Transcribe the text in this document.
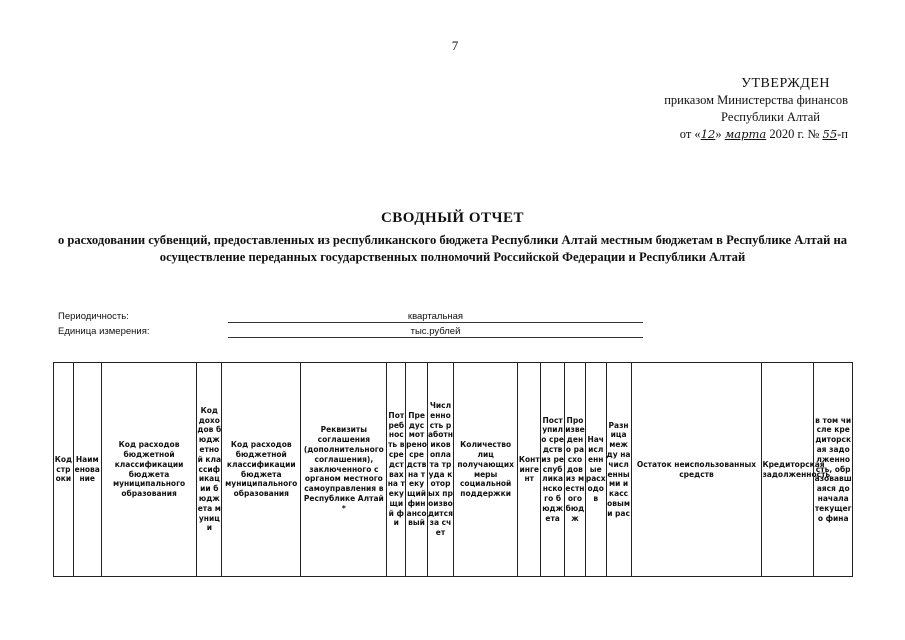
7
УТВЕРЖДЕН
приказом Министерства финансов
Республики Алтай
от «12» марта 2020 г. № 55-п
СВОДНЫЙ ОТЧЕТ
о расходовании субвенций, предоставленных из республиканского бюджета Республики Алтай местным бюджетам в Республике Алтай на осуществление переданных государственных полномочий Российской Федерации и Республики Алтай
Периодичность:	квартальная
Единица измерения:	тыс.рублей
Код строки	Наименование	Код расходов бюджетной классификации бюджета муниципального образования	Код доходов бюджетной классификации бюджета муници	Код расходов бюджетной классификации бюджета муниципального образования	Реквизиты соглашения (дополнительного соглашения), заключенного с органом местного самоуправления в Республике Алтай *	Потребность в средствах на текущий фи	Предусмотрено средств на текущий финансовый	Численность работников оплата труда которых производится за счет	Количество лиц получающих меры социальной поддержки	Контингент	Поступило средств из республиканского бюджета	Произведено расходов из местного бюдж	Начисленные расходов	Разница между начисленными и кассовыми рас	Остаток неиспользованных средств	Кредиторская задолженность	в том числе кредиторская задолженность, образовавшаяся до начала текущего фина
